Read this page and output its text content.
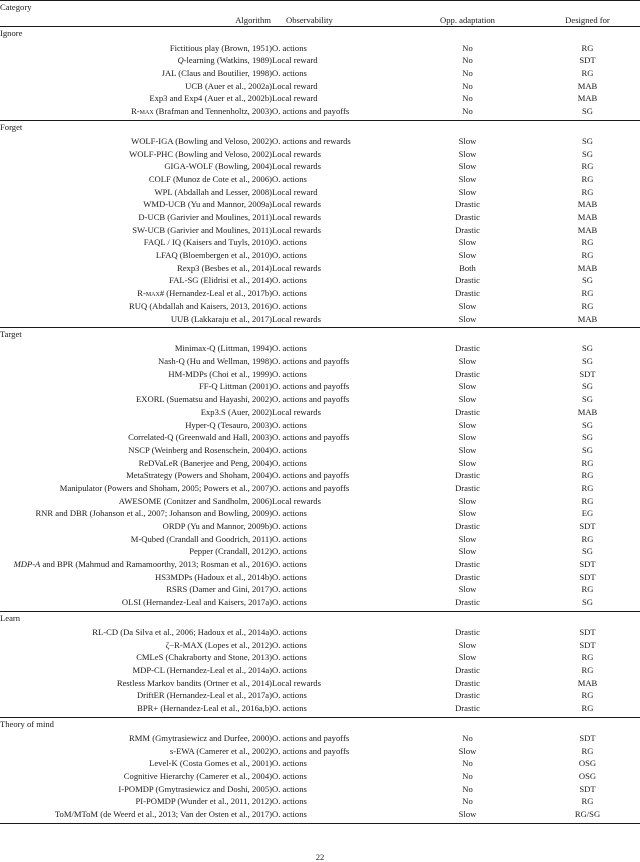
Category			
Algorithm	Observability	Opp. adaptation	Designed for

Ignore			
Fictitious play (Brown, 1951)	O. actions	No	RG
Q-learning (Watkins, 1989)	Local reward	No	SDT
JAL (Claus and Boutilier, 1998)	O. actions	No	RG
UCB (Auer et al., 2002a)	Local reward	No	MAB
Exp3 and Exp4 (Auer et al., 2002b)	Local reward	No	MAB
R-max (Brafman and Tennenholtz, 2003)	O. actions and payoffs	No	SG

Forget			
WOLF-IGA (Bowling and Veloso, 2002)	O. actions and rewards	Slow	SG
WOLF-PHC (Bowling and Veloso, 2002)	Local rewards	Slow	SG
GIGA-WOLF (Bowling, 2004)	Local rewards	Slow	RG
COLF (Munoz de Cote et al., 2006)	O. actions	Slow	RG
WPL (Abdallah and Lesser, 2008)	Local reward	Slow	RG
WMD-UCB (Yu and Mannor, 2009a)	Local rewards	Drastic	MAB
D-UCB (Garivier and Moulines, 2011)	Local rewards	Drastic	MAB
SW-UCB (Garivier and Moulines, 2011)	Local rewards	Drastic	MAB
FAQL / IQ (Kaisers and Tuyls, 2010)	O. actions	Slow	RG
LFAQ (Bloembergen et al., 2010)	O. actions	Slow	RG
Rexp3 (Besbes et al., 2014)	Local rewards	Both	MAB
FAL-SG (Elidrisi et al., 2014)	O. actions	Drastic	SG
R-max# (Hernandez-Leal et al., 2017b)	O. actions	Drastic	RG
RUQ (Abdallah and Kaisers, 2013, 2016)	O. actions	Slow	RG
UUB (Lakkaraju et al., 2017)	Local rewards	Slow	MAB

Target			
Minimax-Q (Littman, 1994)	O. actions	Drastic	SG
Nash-Q (Hu and Wellman, 1998)	O. actions and payoffs	Slow	SG
HM-MDPs (Choi et al., 1999)	O. actions	Drastic	SDT
FF-Q Littman (2001)	O. actions and payoffs	Slow	SG
EXORL (Suematsu and Hayashi, 2002)	O. actions and payoffs	Slow	SG
Exp3.S (Auer, 2002)	Local rewards	Drastic	MAB
Hyper-Q (Tesauro, 2003)	O. actions	Slow	SG
Correlated-Q (Greenwald and Hall, 2003)	O. actions and payoffs	Slow	SG
NSCP (Weinberg and Rosenschein, 2004)	O. actions	Slow	SG
ReDVaLeR (Banerjee and Peng, 2004)	O. actions	Slow	RG
MetaStrategy (Powers and Shoham, 2004)	O. actions and payoffs	Drastic	RG
Manipulator (Powers and Shoham, 2005; Powers et al., 2007)	O. actions and payoffs	Drastic	RG
AWESOME (Conitzer and Sandholm, 2006)	Local rewards	Slow	RG
RNR and DBR (Johanson et al., 2007; Johanson and Bowling, 2009)	O. actions	Slow	EG
ORDP (Yu and Mannor, 2009b)	O. actions	Drastic	SDT
M-Qubed (Crandall and Goodrich, 2011)	O. actions	Slow	RG
Pepper (Crandall, 2012)	O. actions	Slow	SG
MDP-A and BPR (Mahmud and Ramamoorthy, 2013; Rosman et al., 2016)	O. actions	Drastic	SDT
HS3MDPs (Hadoux et al., 2014b)	O. actions	Drastic	SDT
RSRS (Damer and Gini, 2017)	O. actions	Slow	RG
OLSI (Hernandez-Leal and Kaisers, 2017a)	O. actions	Drastic	SG

Learn			
RL-CD (Da Silva et al., 2006; Hadoux et al., 2014a)	O. actions	Drastic	SDT
ζ−R-MAX (Lopes et al., 2012)	O. actions	Slow	SDT
CMLeS (Chakraborty and Stone, 2013)	O. actions	Slow	RG
MDP-CL (Hernandez-Leal et al., 2014a)	O. actions	Drastic	RG
Restless Markov bandits (Ortner et al., 2014)	Local rewards	Drastic	MAB
DriftER (Hernandez-Leal et al., 2017a)	O. actions	Drastic	RG
BPR+ (Hernandez-Leal et al., 2016a,b)	O. actions	Drastic	RG

Theory of mind			
RMM (Gmytrasiewicz and Durfee, 2000)	O. actions and payoffs	No	SDT
s-EWA (Camerer et al., 2002)	O. actions and payoffs	Slow	RG
Level-K (Costa Gomes et al., 2001)	O. actions	No	OSG
Cognitive Hierarchy (Camerer et al., 2004)	O. actions	No	OSG
I-POMDP (Gmytrasiewicz and Doshi, 2005)	O. actions	No	SDT
PI-POMDP (Wunder et al., 2011, 2012)	O. actions	No	RG
ToM/MToM (de Weerd et al., 2013; Van der Osten et al., 2017)	O. actions	Slow	RG/SG

22
